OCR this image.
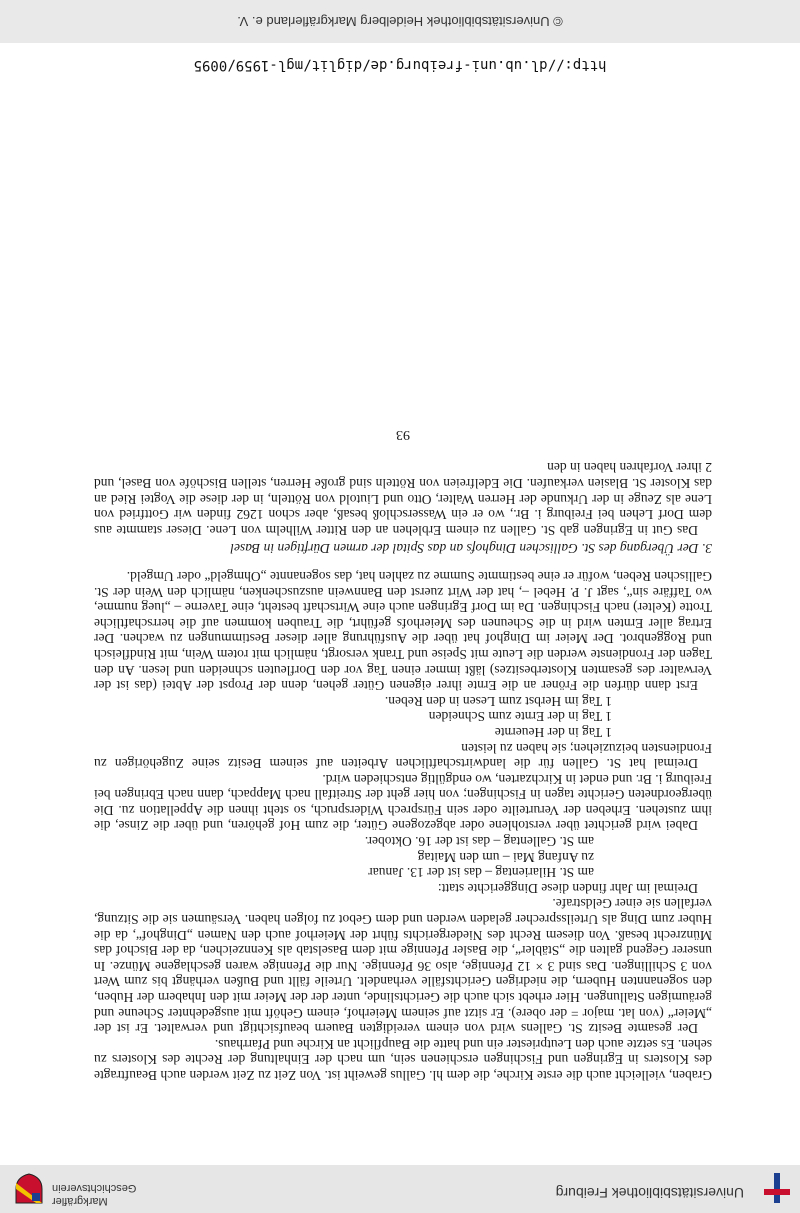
Universitätsbibliothek Freiburg
Markgräfler
Geschichtsverein

Graben, vielleicht auch die erste Kirche, die dem hl. Gallus geweiht ist. Von Zeit zu Zeit werden auch Beauftragte des Klosters in Egringen und Fischingen erschienen sein, um nach der Einhaltung der Rechte des Klosters zu sehen. Es setzte auch den Leutpriester ein und hatte die Baupflicht an Kirche und Pfarrhaus.

Der gesamte Besitz St. Gallens wird von einem vereidigten Bauern beaufsichtigt und verwaltet. Er ist der „Meier“ (von lat. major = der obere). Er sitzt auf seinem Meierhof, einem Gehöft mit ausgedehnter Scheune und geräumigen Stallungen. Hier erhebt sich auch die Gerichtslinde, unter der der Meier mit den Inhabern der Huben, den sogenannten Hubern, die niedrigen Gerichtsfälle verhandelt. Urteile fällt und Bußen verhängt bis zum Wert von 3 Schillingen. Das sind 3 × 12 Pfennige, also 36 Pfennige. Nur die Pfennige waren geschlagene Münze. In unserer Gegend galten die „Stäbler“, die Basler Pfennige mit dem Baselstab als Kennzeichen, da der Bischof das Münzrecht besaß. Von diesem Recht des Niedergerichts führt der Meierhof auch den Namen „Dinghof“, da die Huber zum Ding als Urteilssprecher geladen werden und dem Gebot zu folgen haben. Versäumen sie die Sitzung, verfallen sie einer Geldstrafe.

Dreimal im Jahr finden diese Dinggerichte statt:

am St. Hilarientag – das ist der 13. Januar
zu Anfang Mai – um den Maitag
am St. Gallentag – das ist der 16. Oktober.

Dabei wird gerichtet über verstohlene oder abgezogene Güter, die zum Hof gehören, und über die Zinse, die ihm zustehen. Erheben der Verurteilte oder sein Fürsprech Widerspruch, so steht ihnen die Appellation zu. Die übergeordneten Gerichte tagen in Fischingen; von hier geht der Streitfall nach Mappach, dann nach Ebringen bei Freiburg i. Br. und endet in Kirchzarten, wo endgültig entschieden wird.

Dreimal hat St. Gallen für die landwirtschaftlichen Arbeiten auf seinem Besitz seine Zugehörigen zu Frondiensten beizuziehen; sie haben zu leisten

1 Tag in der Heuernte
1 Tag in der Ernte zum Schneiden
1 Tag im Herbst zum Lesen in den Reben.

Erst dann dürfen die Fröner an die Ernte ihrer eigenen Güter gehen, denn der Propst der Abtei (das ist der Verwalter des gesamten Klosterbesitzes) läßt immer einen Tag vor den Dorfleuten schneiden und lesen. An den Tagen der Frondienste werden die Leute mit Speise und Trank versorgt, nämlich mit rotem Wein, mit Rindfleisch und Roggenbrot. Der Meier im Dinghof hat über die Ausführung aller dieser Bestimmungen zu wachen. Der Ertrag aller Ernten wird in die Scheunen des Meierhofs geführt, die Trauben kommen auf die herrschaftliche Trotte (Kelter) nach Fischingen. Da im Dorf Egringen auch eine Wirtschaft besteht, eine Taverne – „lueg numme, wo Taffäre sin“, sagt J. P. Hebel –, hat der Wirt zuerst den Bannwein auszuschenken, nämlich den Wein der St. Gallischen Reben, wofür er eine bestimmte Summe zu zahlen hat, das sogenannte „Ohmgeld“ oder Umgeld.

3. Der Übergang des St. Gallischen Dinghofs an das Spital der armen Dürftigen in Basel

Das Gut in Egringen gab St. Gallen zu einem Erblehen an den Ritter Wilhelm von Lene. Dieser stammte aus dem Dorf Lehen bei Freiburg i. Br., wo er ein Wasserschloß besaß, aber schon 1262 finden wir Gottfried von Lene als Zeuge in der Urkunde der Herren Walter, Otto und Liutold von Rötteln, in der diese die Vogtei Ried an das Kloster St. Blasien verkaufen. Die Edelfreien von Rötteln sind große Herren, stellen Bischöfe von Basel, und 2 ihrer Vorfahren haben in den

93
© Universitätsbibliothek Heidelberg Markgräflerland e. V.
http://dl.ub.uni-freiburg.de/diglit/mgl-1959/0095
